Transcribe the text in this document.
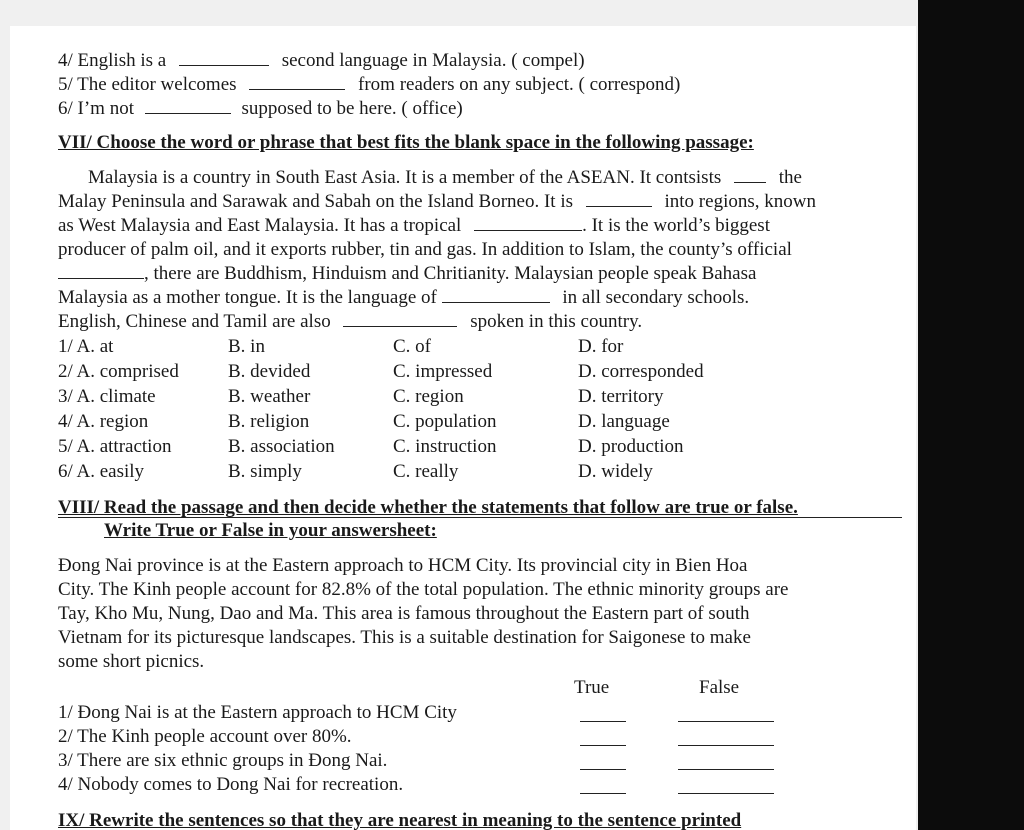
4/ English is a	second language in Malaysia. ( compel)
5/ The editor welcomes	from readers on any subject. ( correspond)
6/ I’m not	supposed to be here. ( office)
VII/ Choose the word or phrase that best fits the blank space in the following passage:
Malaysia is a country in South East Asia. It is a member of the ASEAN. It contsists	the
Malay Peninsula and Sarawak and Sabah on the Island Borneo. It is	into regions, known
as West Malaysia and East Malaysia. It has a tropical	. It is the world’s biggest
producer of palm oil, and it exports rubber, tin and gas. In addition to Islam, the county’s official
, there are Buddhism, Hinduism and Chritianity. Malaysian people speak Bahasa
Malaysia as a mother tongue. It is the language of	in all secondary schools.
English, Chinese and Tamil are also	spoken in this country.
1/ A. at	B. in	C. of	D. for
2/ A. comprised	B. devided	C. impressed	D. corresponded
3/ A. climate	B. weather	C. region	D. territory
4/ A. region	B. religion	C. population	D. language
5/ A. attraction	B. association	C. instruction	D. production
6/ A. easily	B. simply	C. really	D. widely
VIII/ Read the passage and then decide whether the statements that follow are true or false.
Write True or False in your answersheet:
Đong Nai province is at the Eastern approach to HCM City. Its provincial city in Bien Hoa
City. The Kinh people account for 82.8% of the total population. The ethnic minority groups are
Tay, Kho Mu, Nung, Dao and Ma. This area is famous throughout the Eastern part of south
Vietnam for its picturesque landscapes. This is a suitable destination for Saigonese to make
some short picnics.
True	False
1/ Đong Nai is at the Eastern approach to HCM City
2/ The Kinh people account over 80%.
3/ There are six ethnic groups in Đong Nai.
4/ Nobody comes to Dong Nai for recreation.
IX/ Rewrite the sentences so that they are nearest in meaning to the sentence printed
